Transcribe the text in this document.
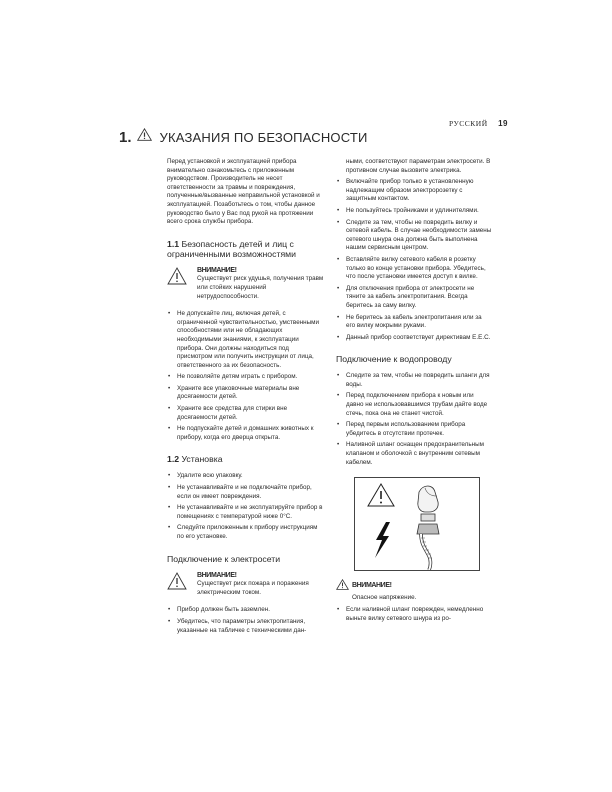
РУССКИЙ 19
1. УКАЗАНИЯ ПО БЕЗОПАСНОСТИ

Перед установкой и эксплуатацией прибора внимательно ознакомьтесь с приложенным руководством. Производитель не несет ответственности за травмы и повреждения, полученные/вызванные неправильной установкой и эксплуатацией. Позаботьтесь о том, чтобы данное руководство было у Вас под рукой на протяжении всего срока службы прибора.

1.1 Безопасность детей и лиц с ограниченными возможностями
ВНИМАНИЕ!
Существует риск удушья, получения травм или стойких нарушений нетрудоспособности.
• Не допускайте лиц, включая детей, с ограниченной чувствительностью, умственными способностями или не обладающих необходимыми знаниями, к эксплуатации прибора. Они должны находиться под присмотром или получить инструкции от лица, ответственного за их безопасность.
• Не позволяйте детям играть с прибором.
• Храните все упаковочные материалы вне досягаемости детей.
• Храните все средства для стирки вне досягаемости детей.
• Не подпускайте детей и домашних животных к прибору, когда его дверца открыта.
1.2 Установка
• Удалите всю упаковку.
• Не устанавливайте и не подключайте прибор, если он имеет повреждения.
• Не устанавливайте и не эксплуатируйте прибор в помещениях с температурой ниже 0°C.
• Следуйте приложенным к прибору инструкциям по его установке.
Подключение к электросети
ВНИМАНИЕ!
Существует риск пожара и поражения электрическим током.
• Прибор должен быть заземлен.
• Убедитесь, что параметры электропитания, указанные на табличке с техническими дан-

ными, соответствуют параметрам электросети. В противном случае вызовите электрика.

• Включайте прибор только в установленную надлежащим образом электророзетку с защитным контактом.
• Не пользуйтесь тройниками и удлинителями.
• Следите за тем, чтобы не повредить вилку и сетевой кабель. В случае необходимости замены сетевого шнура она должна быть выполнена нашим сервисным центром.
• Вставляйте вилку сетевого кабеля в розетку только во конце установки прибора. Убедитесь, что после установки имеется доступ к вилке.
• Для отключения прибора от электросети не тяните за кабель электропитания. Всегда беритесь за саму вилку.
• Не беритесь за кабель электропитания или за его вилку мокрыми руками.
• Данный прибор соответствует директивам E.E.C.
Подключение к водопроводу
• Следите за тем, чтобы не повредить шланги для воды.
• Перед подключением прибора к новым или давно не использовавшимся трубам дайте воде стечь, пока она не станет чистой.
• Перед первым использованием прибора убедитесь в отсутствии протечек.
• Наливной шланг оснащен предохранительным клапаном и оболочкой с внутренним сетевым кабелем.
ВНИМАНИЕ!
Опасное напряжение.
• Если наливной шланг поврежден, немедленно выньте вилку сетевого шнура из ро-
